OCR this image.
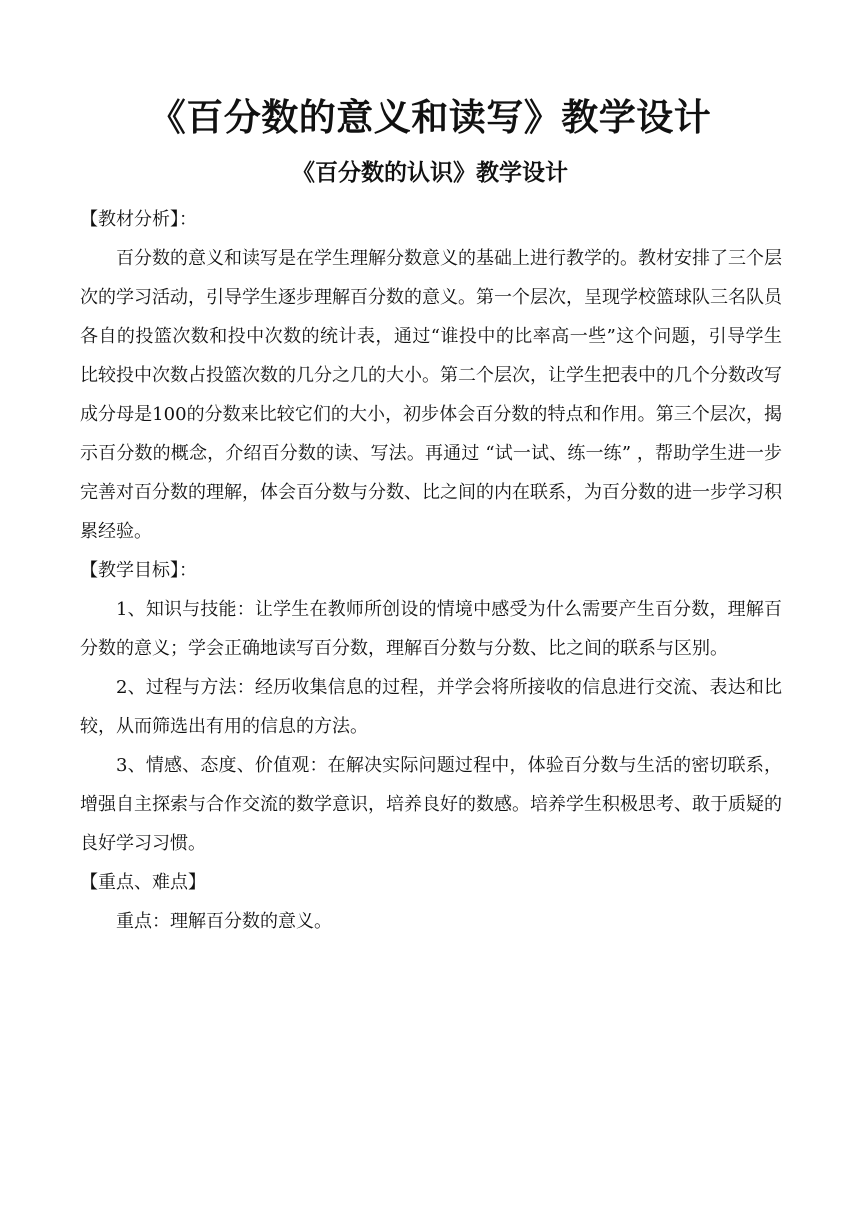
《百分数的意义和读写》教学设计
《百分数的认识》教学设计

【教材分析】：

百分数的意义和读写是在学生理解分数意义的基础上进行教学的。教材安排了三个层次的学习活动，引导学生逐步理解百分数的意义。第一个层次，呈现学校篮球队三名队员各自的投篮次数和投中次数的统计表，通过“谁投中的比率高一些”这个问题，引导学生比较投中次数占投篮次数的几分之几的大小。第二个层次，让学生把表中的几个分数改写成分母是100的分数来比较它们的大小，初步体会百分数的特点和作用。第三个层次，揭示百分数的概念，介绍百分数的读、写法。再通过 “试一试、练一练” ，帮助学生进一步完善对百分数的理解，体会百分数与分数、比之间的内在联系，为百分数的进一步学习积累经验。

【教学目标】：

1、知识与技能：让学生在教师所创设的情境中感受为什么需要产生百分数，理解百分数的意义；学会正确地读写百分数，理解百分数与分数、比之间的联系与区别。

2、过程与方法：经历收集信息的过程，并学会将所接收的信息进行交流、表达和比较，从而筛选出有用的信息的方法。

3、情感、态度、价值观：在解决实际问题过程中，体验百分数与生活的密切联系，增强自主探索与合作交流的数学意识，培养良好的数感。培养学生积极思考、敢于质疑的良好学习习惯。

【重点、难点】

重点：理解百分数的意义。
